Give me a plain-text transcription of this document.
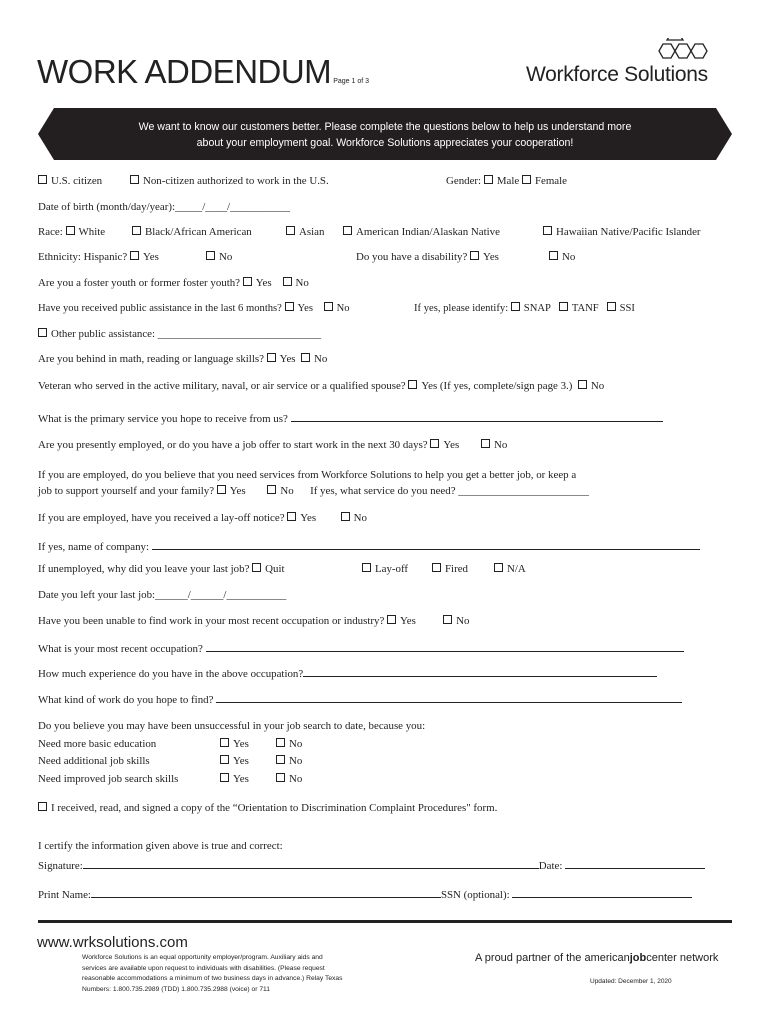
WORK ADDENDUM Page 1 of 3	Workforce Solutions
We want to know our customers better. Please complete the questions below to help us understand more
about your employment goal. Workforce Solutions appreciates your cooperation!
U.S. citizen	Non-citizen authorized to work in the U.S.	Gender: Male Female
Date of birth (month/day/year):_____/____/___________
Race: White	Black/African American	Asian	American Indian/Alaskan Native	Hawaiian Native/Pacific Islander
Ethnicity: Hispanic? Yes	No	Do you have a disability? Yes	No
Are you a foster youth or former foster youth? Yes No
Have you received public assistance in the last 6 months? Yes No	If yes, please identify: SNAP TANF SSI
Other public assistance: ______________________________
Are you behind in math, reading or language skills? Yes No
Veteran who served in the active military, naval, or air service or a qualified spouse? Yes (If yes, complete/sign page 3.) No
What is the primary service you hope to receive from us?
Are you presently employed, or do you have a job offer to start work in the next 30 days? Yes	No
If you are employed, do you believe that you need services from Workforce Solutions to help you get a better job, or keep a
job to support yourself and your family? Yes	No If yes, what service do you need? ________________________
If you are employed, have you received a lay-off notice? Yes	No
If yes, name of company:
If unemployed, why did you leave your last job? Quit	Lay-off	Fired	N/A
Date you left your last job:______/______/___________
Have you been unable to find work in your most recent occupation or industry? Yes	No
What is your most recent occupation?
How much experience do you have in the above occupation?
What kind of work do you hope to find?
Do you believe you may have been unsuccessful in your job search to date, because you:
Need more basic education	Yes	No
Need additional job skills	Yes	No
Need improved job search skills	Yes	No
I received, read, and signed a copy of the “Orientation to Discrimination Complaint Procedures" form.
I certify the information given above is true and correct:
Signature:	Date:
Print Name:	SSN (optional):
www.wrksolutions.com
Workforce Solutions is an equal opportunity employer/program. Auxiliary aids and
services are available upon request to individuals with disabilities. (Please request
reasonable accommodations a minimum of two business days in advance.) Relay Texas
Numbers: 1.800.735.2989 (TDD) 1.800.735.2988 (voice) or 711
A proud partner of the americanjobcenter network
Updated: December 1, 2020
